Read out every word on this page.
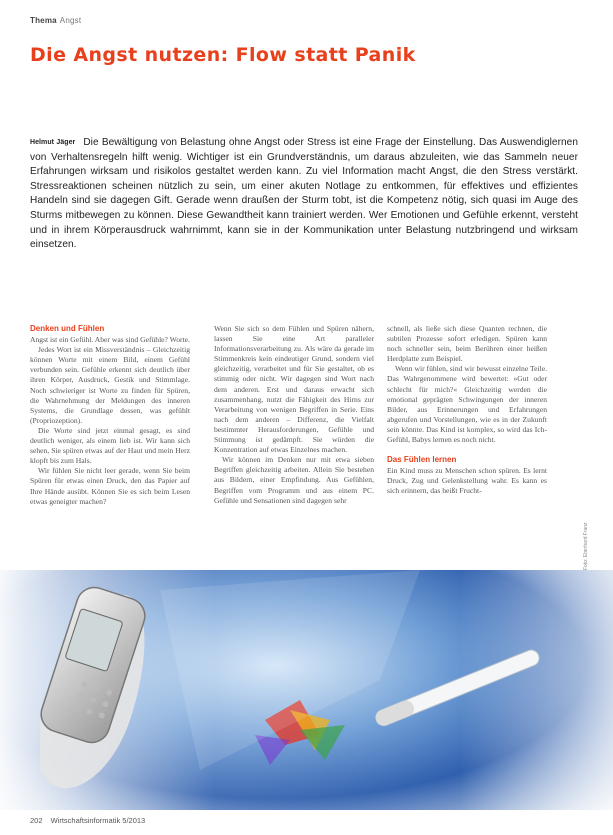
Thema Angst
Die Angst nutzen: Flow statt Panik

Helmut Jäger Die Bewältigung von Belastung ohne Angst oder Stress ist eine Frage der Einstellung. Das Auswendiglernen von Verhaltensregeln hilft wenig. Wichtiger ist ein Grundverständnis, um daraus abzuleiten, wie das Sammeln neuer Erfahrungen wirksam und risikolos gestaltet werden kann. Zu viel Information macht Angst, die den Stress verstärkt. Stressreaktionen scheinen nützlich zu sein, um einer akuten Notlage zu entkommen, für effektives und effizientes Handeln sind sie dagegen Gift. Gerade wenn draußen der Sturm tobt, ist die Kompetenz nötig, sich quasi im Auge des Sturms mitbewegen zu können. Diese Gewandtheit kann trainiert werden. Wer Emotionen und Gefühle erkennt, versteht und in ihrem Körperausdruck wahrnimmt, kann sie in der Kommunikation unter Belastung nutzbringend und wirksam einsetzen.

Denken und Fühlen

Angst ist ein Gefühl. Aber was sind Gefühle? Worte.

Jedes Wort ist ein Missverständnis – Gleichzeitig können Worte mit einem Bild, einem Gefühl verbunden sein. Gefühle erkennt sich deutlich über ihren Körper, Ausdruck, Gestik und Stimmlage. Noch schwieriger ist Worte zu finden für Spüren, die Wahrnehmung der Meldungen des inneren Systems, die Grundlage dessen, was gefühlt (Propriozeption).

Die Worte sind jetzt einmal gesagt, es sind deutlich weniger, als einem lieb ist. Wir kann sich sehen, Sie spüren etwas auf der Haut und mein Herz klopft bis zum Hals.

Wir fühlen Sie nicht leer gerade, wenn Sie beim Spüren für etwas einen Druck, den das Papier auf Ihre Hände ausübt. Können Sie es sich beim Lesen etwas geneigter machen?

Wenn Sie sich so dem Fühlen und Spüren nähern, lassen Sie eine Art paralleler Informationsverarbeitung zu. Als wäre da gerade im Stimmenkreis kein eindeutiger Grund, sondern viel gleichzeitig, verarbeitet und für Sie gestaltet, ob es stimmig oder nicht. Wir dagegen sind Wort nach dem anderen. Erst und daraus erwacht sich zusammenhang, nutzt die Fähigkeit des Hirns zur Verarbeitung von wenigen Begriffen in Serie. Eins nach dem anderen – Differenz, die Vielfalt bestimmter Herausforderungen, Gefühle und Stimmung ist gedämpft. Sie würden die Konzentration auf etwas Einzelnes machen.

Wir können im Denken nur mit etwa sieben Begriffen gleichzeitig arbeiten. Allein Sie bestehen aus Bildern, einer Empfindung. Aus Gefühlen, Begriffen vom Programm und aus einem PC. Gefühle und Sensationen sind dagegen sehr

schnell, als ließe sich diese Quanten rechnen, die subtilen Prozesse sofort erledigen. Spüren kann noch schneller sein, beim Berühren einer heißen Herdplatte zum Beispiel.

Wenn wir fühlen, sind wir bewusst einzelne Teile. Das Wahrgenommene wird bewertet: »Gut oder schlecht für mich?« Gleichzeitig werden die emotional geprägten Schwingungen der inneren Bilder, aus Erinnerungen und Erfahrungen abgerufen und Vorstellungen, wie es in der Zukunft sein könnte. Das Kind ist komplex, so wird das Ich-Gefühl, Babys lernen es noch nicht.

Das Fühlen lernen

Ein Kind muss zu Menschen schon spüren. Es lernt Druck, Zug und Gelenkstellung wahr. Es kann es sich erinnern, das heißt Frucht-

Foto: Eberhard Franz
202 Wirtschaftsinformatik 5/2013
